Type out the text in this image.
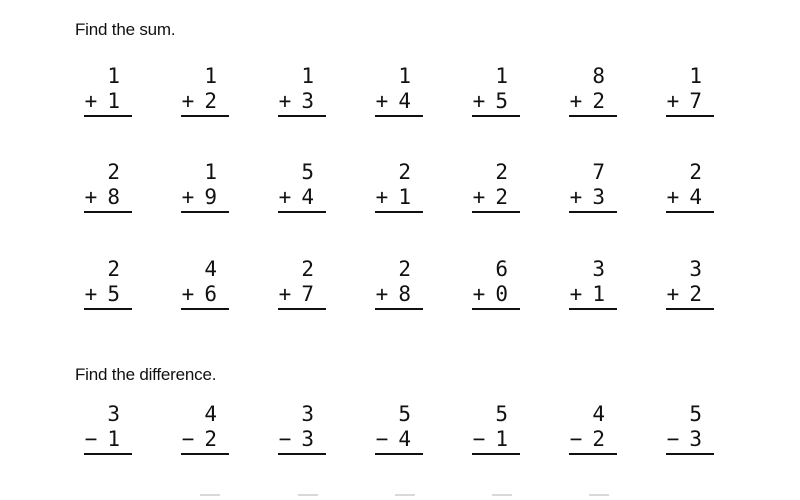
Find the sum.
1
+ 1
1
+ 2
1
+ 3
1
+ 4
1
+ 5
8
+ 2
1
+ 7
2
+ 8
1
+ 9
5
+ 4
2
+ 1
2
+ 2
7
+ 3
2
+ 4
2
+ 5
4
+ 6
2
+ 7
2
+ 8
6
+ 0
3
+ 1
3
+ 2
Find the difference.
3
− 1
4
− 2
3
− 3
5
− 4
5
− 1
4
− 2
5
− 3
